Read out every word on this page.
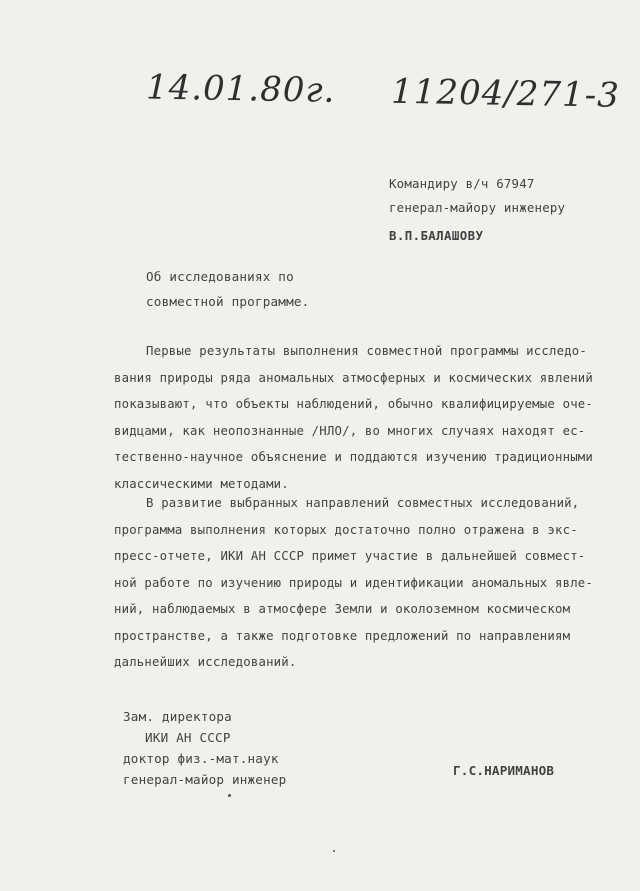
14.01.80г. 11204/271-3
Командиру в/ч 67947
генерал-майору инженеру
В.П.БАЛАШОВУ
Об исследованиях по
совместной программе.
Первые результаты выполнения совместной программы исследо-
вания природы ряда аномальных атмосферных и космических явлений
показывают, что объекты наблюдений, обычно квалифицируемые оче-
видцами, как неопознанные /НЛО/, во многих случаях находят ес-
тественно-научное объяснение и поддаются изучению традиционными
классическими методами.
В развитие выбранных направлений совместных исследований,
программа выполнения которых достаточно полно отражена в экс-
пресс-отчете, ИКИ АН СССР примет участие в дальнейшей совмест-
ной работе по изучению природы и идентификации аномальных явле-
ний, наблюдаемых в атмосфере Земли и околоземном космическом
пространстве, а также подготовке предложений по направлениям
дальнейших исследований.
Зам. директора
ИКИ АН СССР
доктор физ.-мат.наук
генерал-майор инженер
Г.С.НАРИМАНОВ
